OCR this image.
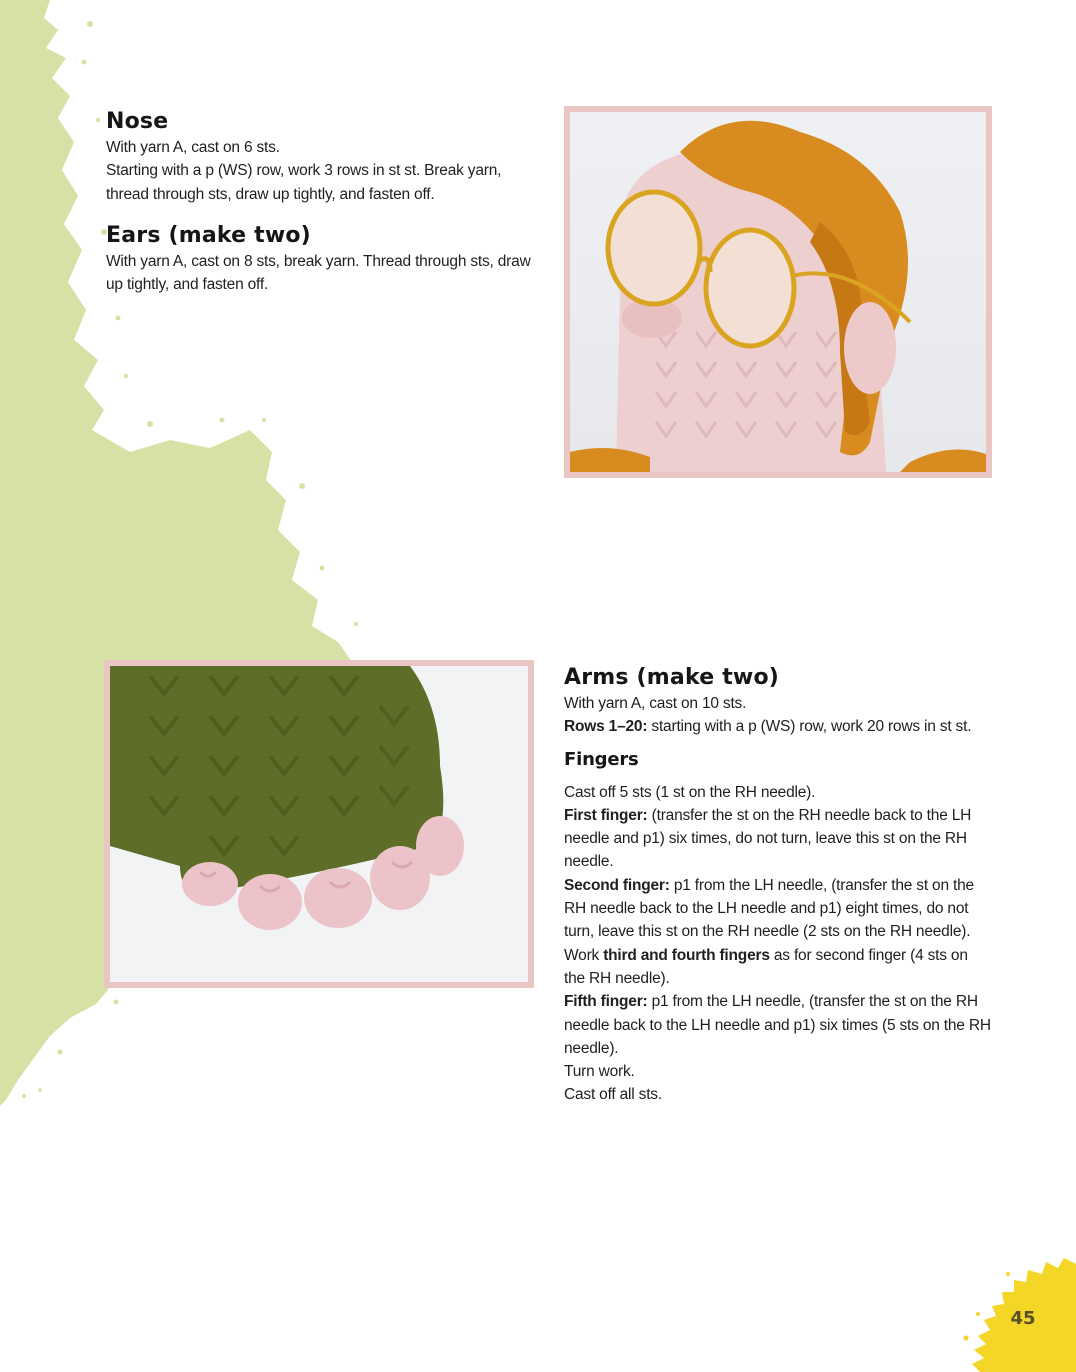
Nose

With yarn A, cast on 6 sts.

Starting with a p (WS) row, work 3 rows in st st. Break yarn, thread through sts, draw up tightly, and fasten off.

Ears (make two)

With yarn A, cast on 8 sts, break yarn. Thread through sts, draw up tightly, and fasten off.

Arms (make two)

With yarn A, cast on 10 sts.

Rows 1–20: starting with a p (WS) row, work 20 rows in st st.

Fingers

Cast off 5 sts (1 st on the RH needle).

First finger: (transfer the st on the RH needle back to the LH needle and p1) six times, do not turn, leave this st on the RH needle.

Second finger: p1 from the LH needle, (transfer the st on the RH needle back to the LH needle and p1) eight times, do not turn, leave this st on the RH needle (2 sts on the RH needle).

Work third and fourth fingers as for second finger (4 sts on the RH needle).

Fifth finger: p1 from the LH needle, (transfer the st on the RH needle back to the LH needle and p1) six times (5 sts on the RH needle).

Turn work.

Cast off all sts.

45
